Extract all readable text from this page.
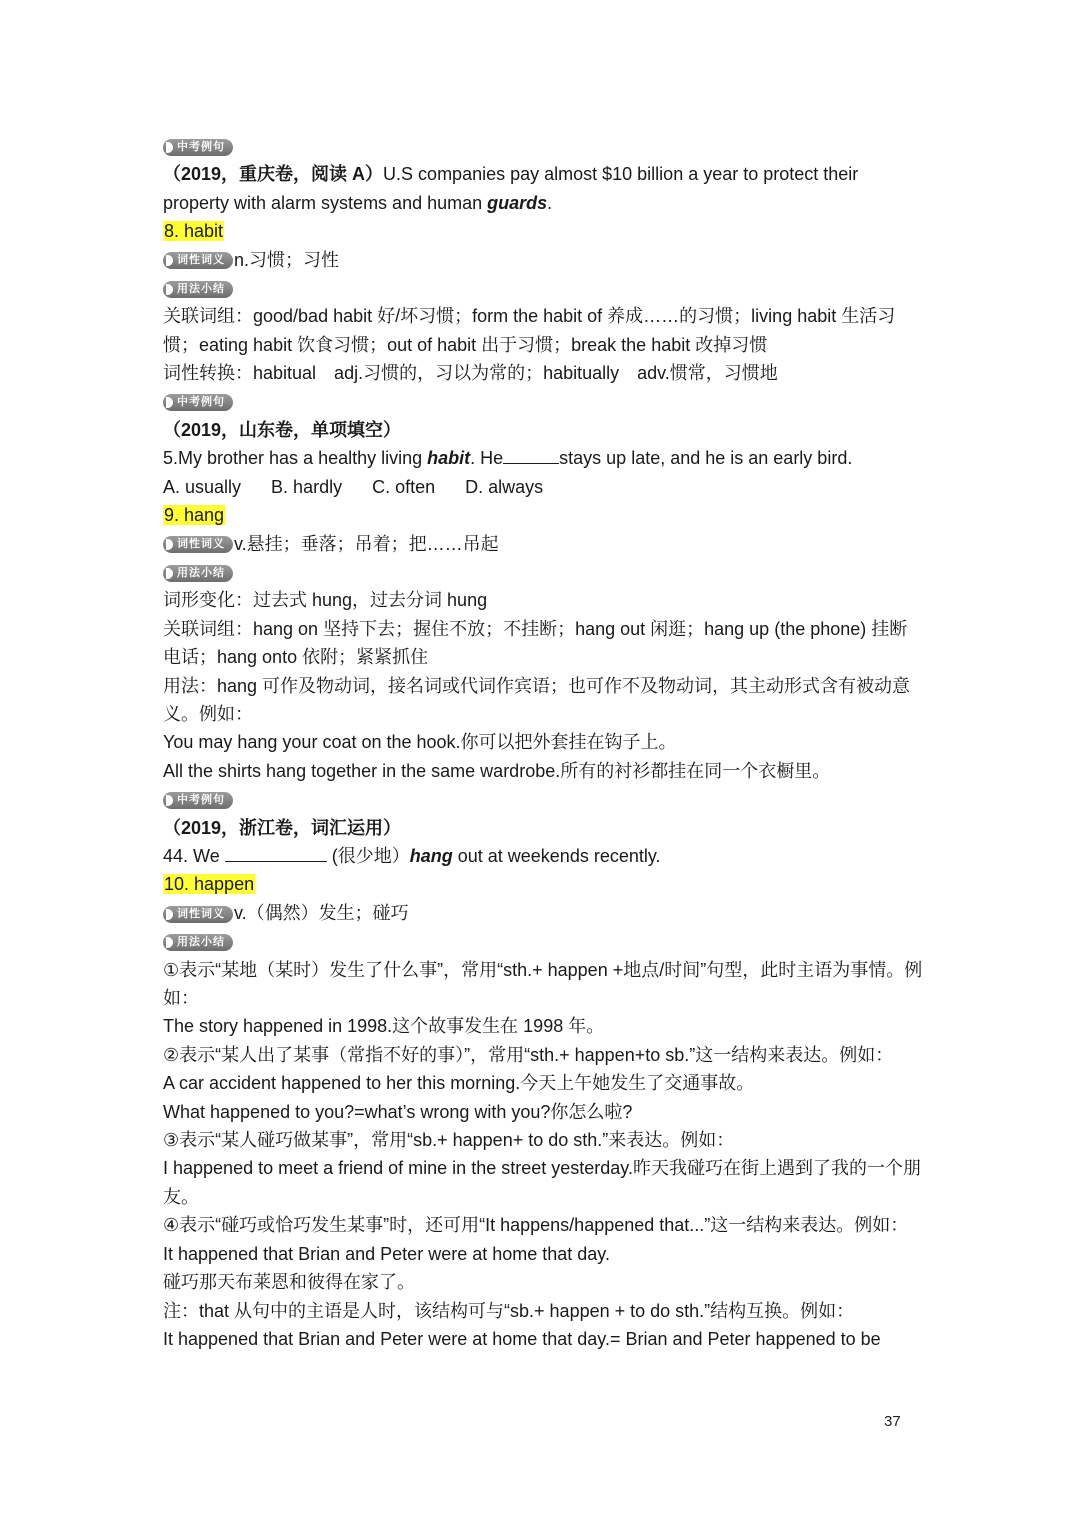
中考例句
（2019，重庆卷，阅读 A）U.S companies pay almost $10 billion a year to protect their property with alarm systems and human guards.
8. habit
词性词义 n.习惯；习性
用法小结
关联词组：good/bad habit 好/坏习惯；form the habit of 养成……的习惯；living habit 生活习惯；eating habit 饮食习惯；out of habit 出于习惯；break the habit 改掉习惯
词性转换：habitual　adj.习惯的，习以为常的；habitually　adv.惯常，习惯地
中考例句
（2019，山东卷，单项填空）
5.My brother has a healthy living habit. He	stays up late, and he is an early bird.
A. usually B. hardly C. often D. always
9. hang
词性词义 v.悬挂；垂落；吊着；把……吊起
用法小结
词形变化：过去式 hung，过去分词 hung
关联词组：hang on 坚持下去；握住不放；不挂断；hang out 闲逛；hang up (the phone) 挂断电话；hang onto 依附；紧紧抓住
用法：hang 可作及物动词，接名词或代词作宾语；也可作不及物动词，其主动形式含有被动意义。例如：
You may hang your coat on the hook.你可以把外套挂在钩子上。
All the shirts hang together in the same wardrobe.所有的衬衫都挂在同一个衣橱里。
中考例句
（2019，浙江卷，词汇运用）
44. We	(很少地）hang out at weekends recently.
10. happen
词性词义 v.（偶然）发生；碰巧
用法小结
①表示“某地（某时）发生了什么事”，常用“sth.+ happen +地点/时间”句型，此时主语为事情。例如：
The story happened in 1998.这个故事发生在 1998 年。
②表示“某人出了某事（常指不好的事）”，常用“sth.+ happen+to sb.”这一结构来表达。例如：
A car accident happened to her this morning.今天上午她发生了交通事故。
What happened to you?=what’s wrong with you?你怎么啦?
③表示“某人碰巧做某事”，常用“sb.+ happen+ to do sth.”来表达。例如：
I happened to meet a friend of mine in the street yesterday.昨天我碰巧在街上遇到了我的一个朋友。
④表示“碰巧或恰巧发生某事”时，还可用“It happens/happened that...”这一结构来表达。例如：
It happened that Brian and Peter were at home that day.
碰巧那天布莱恩和彼得在家了。
注：that 从句中的主语是人时，该结构可与“sb.+ happen + to do sth.”结构互换。例如：
It happened that Brian and Peter were at home that day.= Brian and Peter happened to be
37
